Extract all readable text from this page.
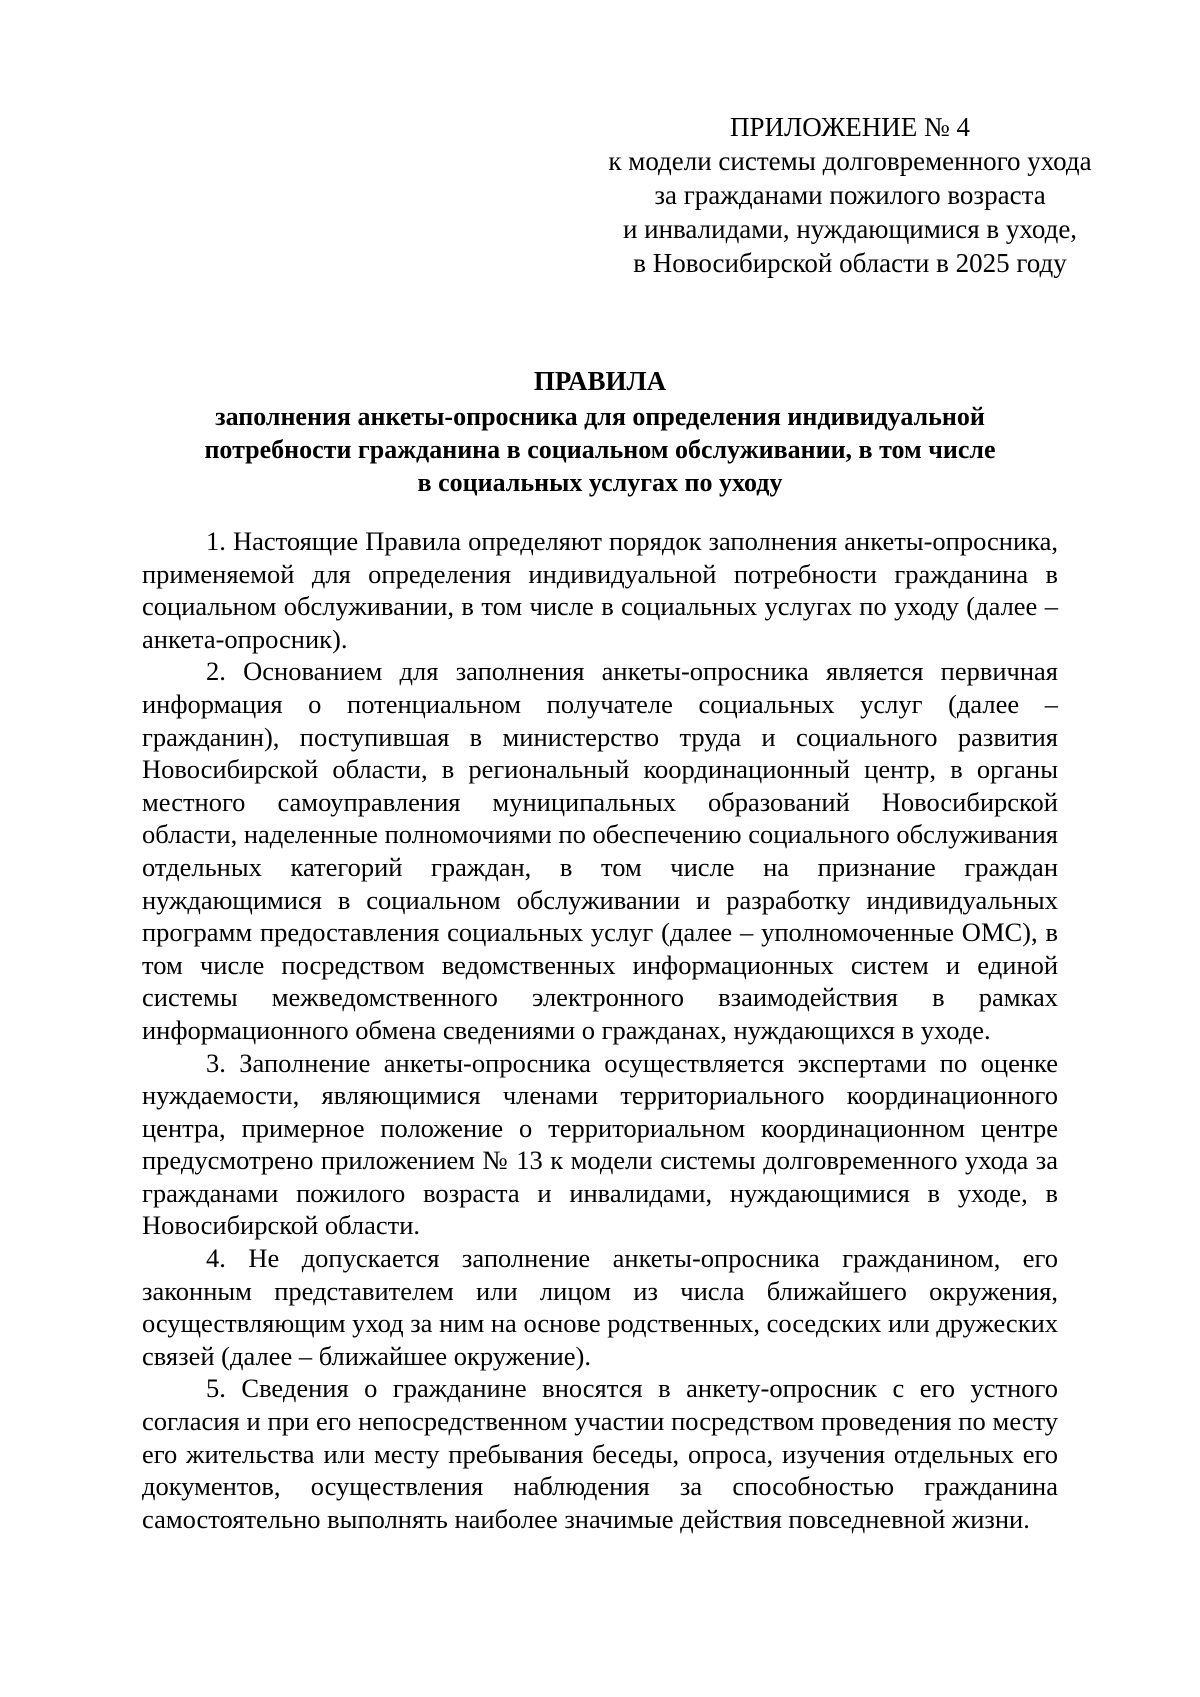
ПРИЛОЖЕНИЕ № 4
к модели системы долговременного ухода
за гражданами пожилого возраста
и инвалидами, нуждающимися в уходе,
в Новосибирской области в 2025 году
ПРАВИЛА
заполнения анкеты-опросника для определения индивидуальной
потребности гражданина в социальном обслуживании, в том числе
в социальных услугах по уходу

1. Настоящие Правила определяют порядок заполнения анкеты-опросника, применяемой для определения индивидуальной потребности гражданина в социальном обслуживании, в том числе в социальных услугах по уходу (далее – анкета-опросник).

2. Основанием для заполнения анкеты-опросника является первичная информация о потенциальном получателе социальных услуг (далее – гражданин), поступившая в министерство труда и социального развития Новосибирской области, в региональный координационный центр, в органы местного самоуправления муниципальных образований Новосибирской области, наделенные полномочиями по обеспечению социального обслуживания отдельных категорий граждан, в том числе на признание граждан нуждающимися в социальном обслуживании и разработку индивидуальных программ предоставления социальных услуг (далее – уполномоченные ОМС), в том числе посредством ведомственных информационных систем и единой системы межведомственного электронного взаимодействия в рамках информационного обмена сведениями о гражданах, нуждающихся в уходе.

3. Заполнение анкеты-опросника осуществляется экспертами по оценке нуждаемости, являющимися членами территориального координационного центра, примерное положение о территориальном координационном центре предусмотрено приложением № 13 к модели системы долговременного ухода за гражданами пожилого возраста и инвалидами, нуждающимися в уходе, в Новосибирской области.

4. Не допускается заполнение анкеты-опросника гражданином, его законным представителем или лицом из числа ближайшего окружения, осуществляющим уход за ним на основе родственных, соседских или дружеских связей (далее – ближайшее окружение).

5. Сведения о гражданине вносятся в анкету-опросник с его устного согласия и при его непосредственном участии посредством проведения по месту его жительства или месту пребывания беседы, опроса, изучения отдельных его документов, осуществления наблюдения за способностью гражданина самостоятельно выполнять наиболее значимые действия повседневной жизни.
